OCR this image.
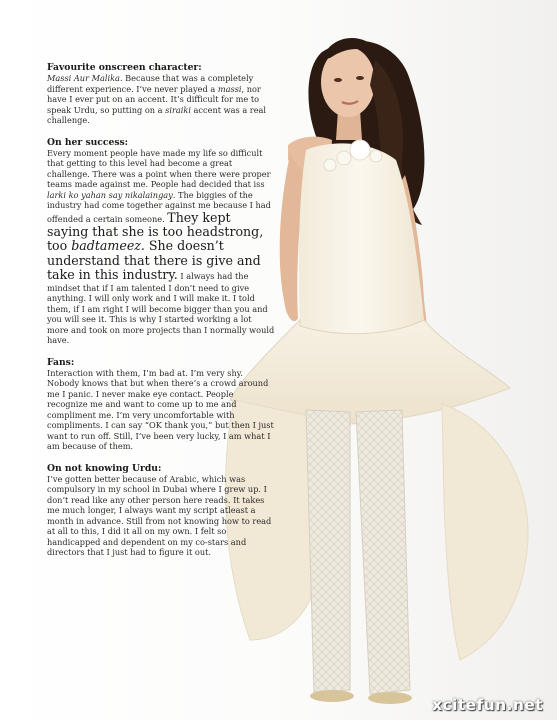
Favourite onscreen character:

Massi Aur Malika. Because that was a completely different experience. I’ve never played a massi, nor have I ever put on an accent. It’s difficult for me to speak Urdu, so putting on a siraiki accent was a real challenge.

On her success:

Every moment people have made my life so difficult that getting to this level had become a great challenge. There was a point when there were proper teams made against me. People had decided that iss larki ko yahan say nikalaingay. The biggies of the industry had come together against me because I had offended a certain someone. They kept saying that she is too headstrong, too badtameez. She doesn’t understand that there is give and take in this industry. I always had the mindset that if I am talented I don’t need to give anything. I will only work and I will make it. I told them, if I am right I will become bigger than you and you will see it. This is why I started working a lot more and took on more projects than I normally would have.

Fans:

Interaction with them, I’m bad at. I’m very shy. Nobody knows that but when there’s a crowd around me I panic. I never make eye contact. People recognize me and want to come up to me and compliment me. I’m very uncomfortable with compliments. I can say “OK thank you,” but then I just want to run off. Still, I’ve been very lucky, I am what I am because of them.

On not knowing Urdu:

I’ve gotten better because of Arabic, which was compulsory in my school in Dubai where I grew up. I don’t read like any other person here reads. It takes me much longer, I always want my script atleast a month in advance. Still from not knowing how to read at all to this, I did it all on my own. I felt so handicapped and dependent on my co-stars and directors that I just had to figure it out.

xcitefun.net
